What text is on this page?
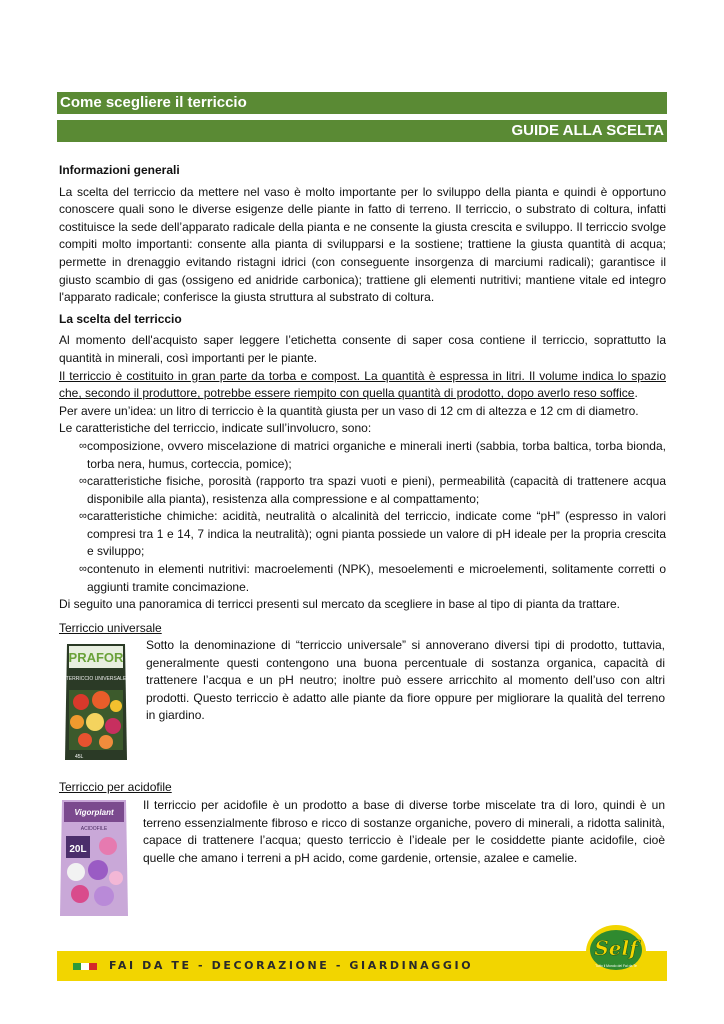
Come scegliere il terriccio
GUIDE ALLA SCELTA

Informazioni generali

La scelta del terriccio da mettere nel vaso è molto importante per lo sviluppo della pianta e quindi è opportuno conoscere quali sono le diverse esigenze delle piante in fatto di terreno. Il terriccio, o substrato di coltura, infatti costituisce la sede dell’apparato radicale della pianta e ne consente la giusta crescita e sviluppo. Il terriccio svolge compiti molto importanti: consente alla pianta di svilupparsi e la sostiene; trattiene la giusta quantità di acqua; permette in drenaggio evitando ristagni idrici (con conseguente insorgenza di marciumi radicali); garantisce il giusto scambio di gas (ossigeno ed anidride carbonica); trattiene gli elementi nutritivi; mantiene vitale ed integro l'apparato radicale; conferisce la giusta struttura al substrato di coltura.

La scelta del terriccio

Al momento dell'acquisto saper leggere l’etichetta consente di saper cosa contiene il terriccio, soprattutto la quantità in minerali, così importanti per le piante.

Il terriccio è costituito in gran parte da torba e compost. La quantità è espressa in litri. Il volume indica lo spazio che, secondo il produttore, potrebbe essere riempito con quella quantità di prodotto, dopo averlo reso soffice.

Per avere un’idea: un litro di terriccio è la quantità giusta per un vaso di 12 cm di altezza e 12 cm di diametro.

Le caratteristiche del terriccio, indicate sull’involucro, sono:

∞ composizione, ovvero miscelazione di matrici organiche e minerali inerti (sabbia, torba baltica, torba bionda, torba nera, humus, corteccia, pomice);
∞ caratteristiche fisiche, porosità (rapporto tra spazi vuoti e pieni), permeabilità (capacità di trattenere acqua disponibile alla pianta), resistenza alla compressione e al compattamento;
∞ caratteristiche chimiche: acidità, neutralità o alcalinità del terriccio, indicate come “pH” (espresso in valori compresi tra 1 e 14, 7 indica la neutralità); ogni pianta possiede un valore di pH ideale per la propria crescita e sviluppo;
∞ contenuto in elementi nutritivi: macroelementi (NPK), mesoelementi e microelementi, solitamente corretti o aggiunti tramite concimazione.

Di seguito una panoramica di terricci presenti sul mercato da scegliere in base al tipo di pianta da trattare.

Terriccio universale
PRAFOR
TERRICCIO UNIVERSALE
45L
Sotto la denominazione di “terriccio universale” si annoverano diversi tipi di prodotto, tuttavia, generalmente questi contengono una buona percentuale di sostanza organica, capacità di trattenere l’acqua e un pH neutro; inoltre può essere arricchito al momento dell’uso con altri prodotti. Questo terriccio è adatto alle piante da fiore oppure per migliorare la qualità del terreno in giardino.
Terriccio per acidofile
Vigorplant
ACIDOFILE
20L
Il terriccio per acidofile è un prodotto a base di diverse torbe miscelate tra di loro, quindi è un terreno essenzialmente fibroso e ricco di sostanze organiche, povero di minerali, a ridotta salinità, capace di trattenere l’acqua; questo terriccio è l’ideale per le cosiddette piante acidofile, cioè quelle che amano i terreni a pH acido, come gardenie, ortensie, azalee e camelie.
FAI DA TE - DECORAZIONE - GIARDINAGGIO
Self
Tutto il Mondo del Fai da Te
